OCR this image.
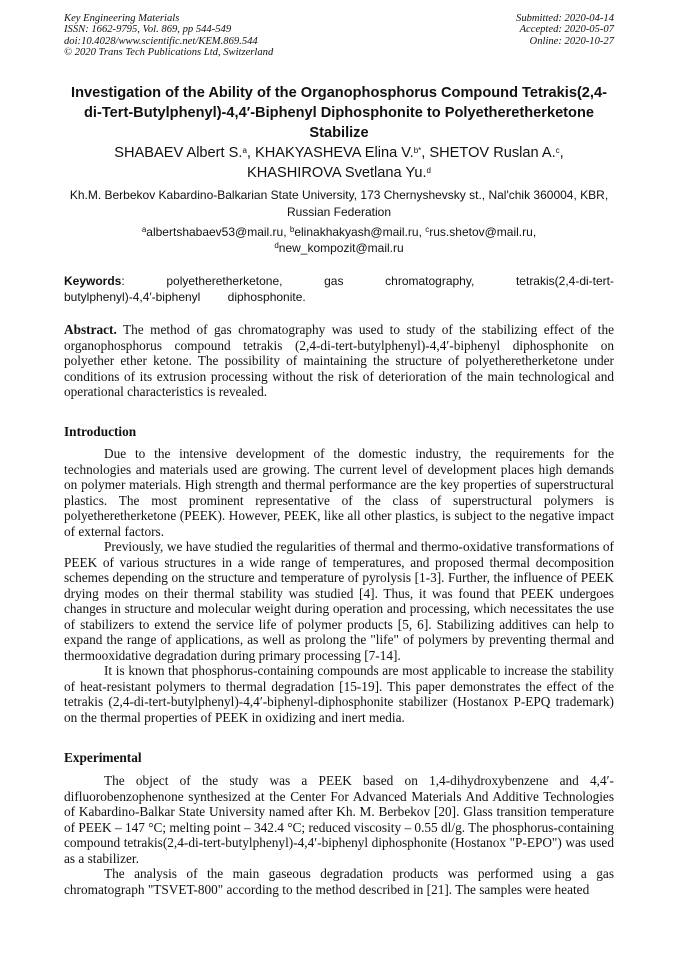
Key Engineering Materials
ISSN: 1662-9795, Vol. 869, pp 544-549
doi:10.4028/www.scientific.net/KEM.869.544
© 2020 Trans Tech Publications Ltd, Switzerland
Submitted: 2020-04-14
Accepted: 2020-05-07
Online: 2020-10-27
Investigation of the Ability of the Organophosphorus Compound Tetrakis(2,4-di-Tert-Butylphenyl)-4,4′-Biphenyl Diphosphonite to Polyetheretherketone Stabilize
SHABAEV Albert S.$^a$, KHAKYASHEVA Elina V.$^{b*}$, SHETOV Ruslan A.$^c$,
KHASHIROVA Svetlana Yu.$^d$
Kh.M. Berbekov Kabardino-Balkarian State University, 173 Chernyshevsky st., Nal'chik 360004, KBR, Russian Federation
$^a$albertshabaev53@mail.ru, $^b$elinakhakyash@mail.ru, $^c$rus.shetov@mail.ru,
$^d$new_kompozit@mail.ru
Keywords: polyetheretherketone, gas chromatography, tetrakis(2,4-di-tert-butylphenyl)-4,4′-biphenyl diphosphonite.
Abstract. The method of gas chromatography was used to study of the stabilizing effect of the organophosphorus compound tetrakis (2,4-di-tert-butylphenyl)-4,4′-biphenyl diphosphonite on polyether ether ketone. The possibility of maintaining the structure of polyetheretherketone under conditions of its extrusion processing without the risk of deterioration of the main technological and operational characteristics is revealed.
Introduction

Due to the intensive development of the domestic industry, the requirements for the technologies and materials used are growing. The current level of development places high demands on polymer materials. High strength and thermal performance are the key properties of superstructural plastics. The most prominent representative of the class of superstructural polymers is polyetheretherketone (PEEK). However, PEEK, like all other plastics, is subject to the negative impact of external factors.

Previously, we have studied the regularities of thermal and thermo-oxidative transformations of PEEK of various structures in a wide range of temperatures, and proposed thermal decomposition schemes depending on the structure and temperature of pyrolysis [1-3]. Further, the influence of PEEK drying modes on their thermal stability was studied [4]. Thus, it was found that PEEK undergoes changes in structure and molecular weight during operation and processing, which necessitates the use of stabilizers to extend the service life of polymer products [5, 6]. Stabilizing additives can help to expand the range of applications, as well as prolong the "life" of polymers by preventing thermal and thermooxidative degradation during primary processing [7-14].

It is known that phosphorus-containing compounds are most applicable to increase the stability of heat-resistant polymers to thermal degradation [15-19]. This paper demonstrates the effect of the tetrakis (2,4-di-tert-butylphenyl)-4,4′-biphenyl-diphosphonite stabilizer (Hostanox P-EPQ trademark) on the thermal properties of PEEK in oxidizing and inert media.

Experimental

The object of the study was a PEEK based on 1,4-dihydroxybenzene and 4,4′-difluorobenzophenone synthesized at the Center For Advanced Materials And Additive Technologies of Kabardino-Balkar State University named after Kh. M. Berbekov [20]. Glass transition temperature of PEEK – 147 °C; melting point – 342.4 °C; reduced viscosity – 0.55 dl/g. The phosphorus-containing compound tetrakis(2,4-di-tert-butylphenyl)-4,4′-biphenyl diphosphonite (Hostanox "P-EPO") was used as a stabilizer.

The analysis of the main gaseous degradation products was performed using a gas chromatograph "TSVET-800" according to the method described in [21]. The samples were heated
